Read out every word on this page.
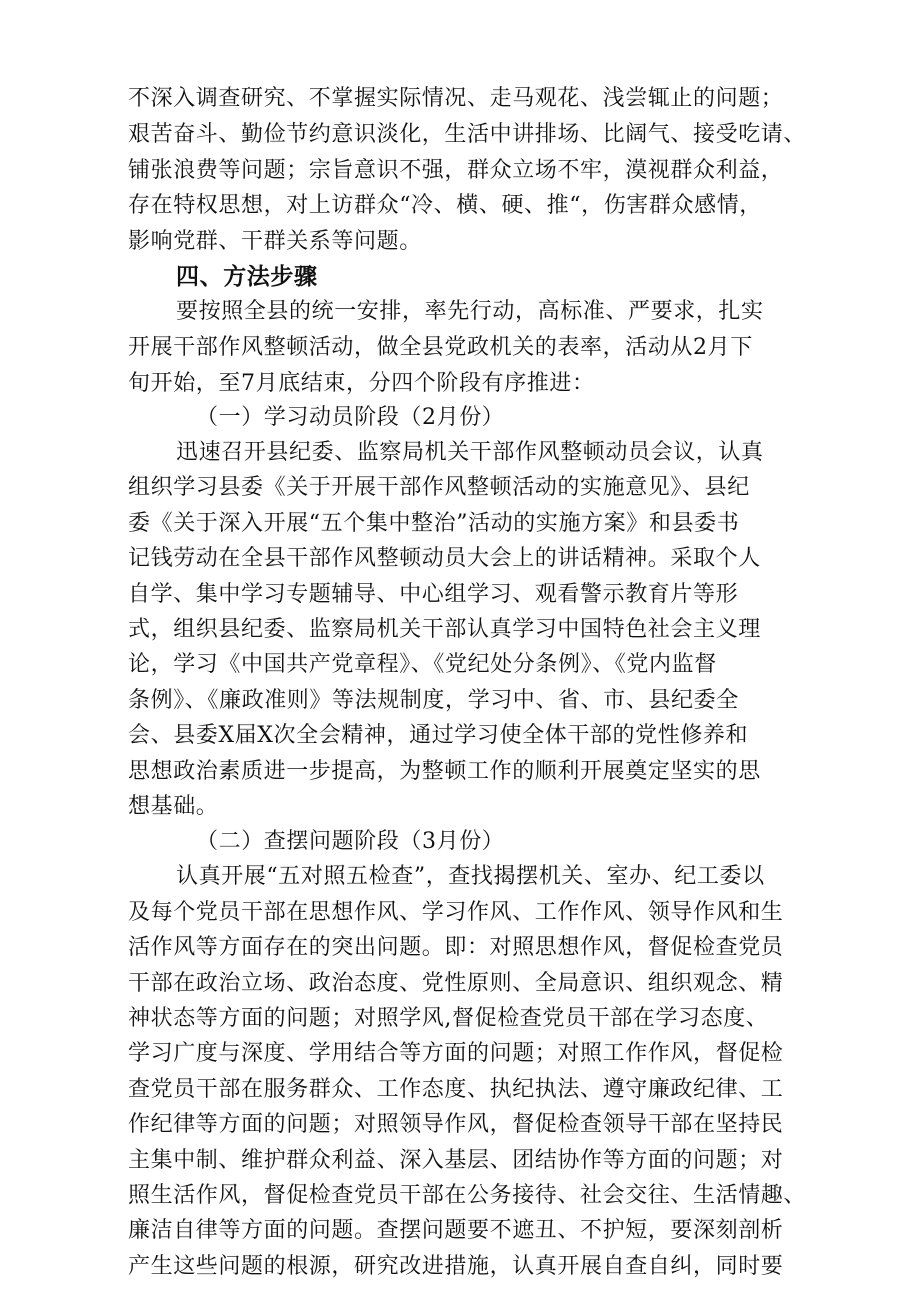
不深入调查研究、不掌握实际情况、走马观花、浅尝辄止的问题；
艰苦奋斗、勤俭节约意识淡化，生活中讲排场、比阔气、接受吃请、
铺张浪费等问题；宗旨意识不强，群众立场不牢，漠视群众利益，
存在特权思想，对上访群众“冷、横、硬、推“，伤害群众感情，
影响党群、干群关系等问题。
四、方法步骤
要按照全县的统一安排，率先行动，高标准、严要求，扎实
开展干部作风整顿活动，做全县党政机关的表率，活动从2月下
旬开始，至7月底结束，分四个阶段有序推进：
（一）学习动员阶段（2月份）
迅速召开县纪委、监察局机关干部作风整顿动员会议，认真
组织学习县委《关于开展干部作风整顿活动的实施意见》、县纪
委《关于深入开展“五个集中整治”活动的实施方案》和县委书
记钱劳动在全县干部作风整顿动员大会上的讲话精神。采取个人
自学、集中学习专题辅导、中心组学习、观看警示教育片等形
式，组织县纪委、监察局机关干部认真学习中国特色社会主义理
论，学习《中国共产党章程》、《党纪处分条例》、《党内监督
条例》、《廉政准则》等法规制度，学习中、省、市、县纪委全
会、县委X届X次全会精神，通过学习使全体干部的党性修养和
思想政治素质进一步提高，为整顿工作的顺利开展奠定坚实的思
想基础。
（二）查摆问题阶段（3月份）
认真开展“五对照五检查”，查找揭摆机关、室办、纪工委以
及每个党员干部在思想作风、学习作风、工作作风、领导作风和生
活作风等方面存在的突出问题。即：对照思想作风，督促检查党员
干部在政治立场、政治态度、党性原则、全局意识、组织观念、精
神状态等方面的问题；对照学风,督促检查党员干部在学习态度、
学习广度与深度、学用结合等方面的问题；对照工作作风，督促检
查党员干部在服务群众、工作态度、执纪执法、遵守廉政纪律、工
作纪律等方面的问题；对照领导作风，督促检查领导干部在坚持民
主集中制、维护群众利益、深入基层、团结协作等方面的问题；对
照生活作风，督促检查党员干部在公务接待、社会交往、生活情趣、
廉洁自律等方面的问题。查摆问题要不遮丑、不护短，要深刻剖析
产生这些问题的根源，研究改进措施，认真开展自查自纠，同时要
